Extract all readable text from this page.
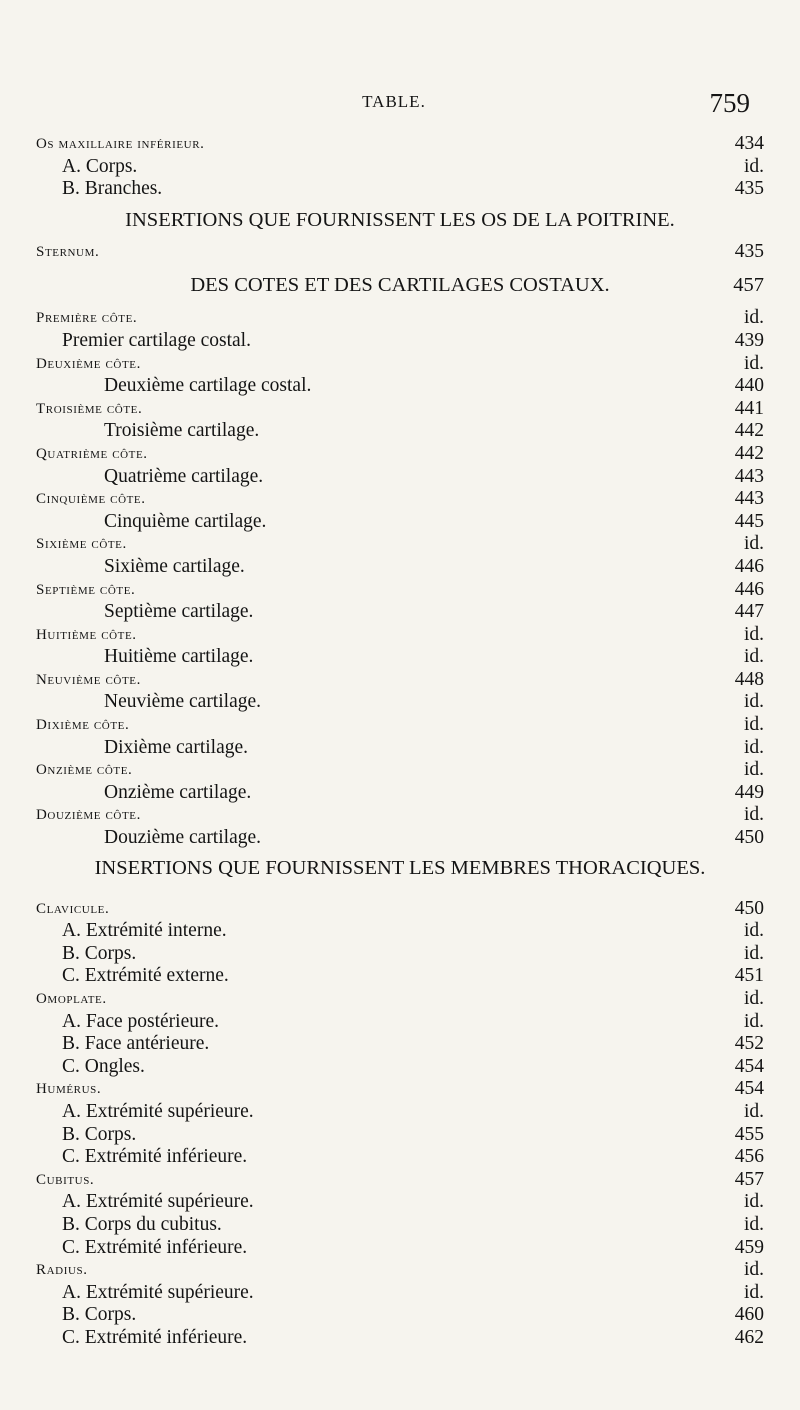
TABLE.	759
Os maxillaire inférieur.	434
A. Corps.	id.
B. Branches.	435
INSERTIONS QUE FOURNISSENT LES OS DE LA POITRINE.
Sternum.	435
DES COTES ET DES CARTILAGES COSTAUX.	457
Première côte.	id.
Premier cartilage costal.	439
Deuxième côte.	id.
Deuxième cartilage costal.	440
Troisième côte.	441
Troisième cartilage.	442
Quatrième côte.	442
Quatrième cartilage.	443
Cinquième côte.	443
Cinquième cartilage.	445
Sixième côte.	id.
Sixième cartilage.	446
Septième côte.	446
Septième cartilage.	447
Huitième côte.	id.
Huitième cartilage.	id.
Neuvième côte.	448
Neuvième cartilage.	id.
Dixième côte.	id.
Dixième cartilage.	id.
Onzième côte.	id.
Onzième cartilage.	449
Douzième côte.	id.
Douzième cartilage.	450
INSERTIONS QUE FOURNISSENT LES MEMBRES THORACIQUES.
Clavicule.	450
A. Extrémité interne.	id.
B. Corps.	id.
C. Extrémité externe.	451
Omoplate.	id.
A. Face postérieure.	id.
B. Face antérieure.	452
C. Ongles.	454
Humérus.	454
A. Extrémité supérieure.	id.
B. Corps.	455
C. Extrémité inférieure.	456
Cubitus.	457
A. Extrémité supérieure.	id.
B. Corps du cubitus.	id.
C. Extrémité inférieure.	459
Radius.	id.
A. Extrémité supérieure.	id.
B. Corps.	460
C. Extrémité inférieure.	462
